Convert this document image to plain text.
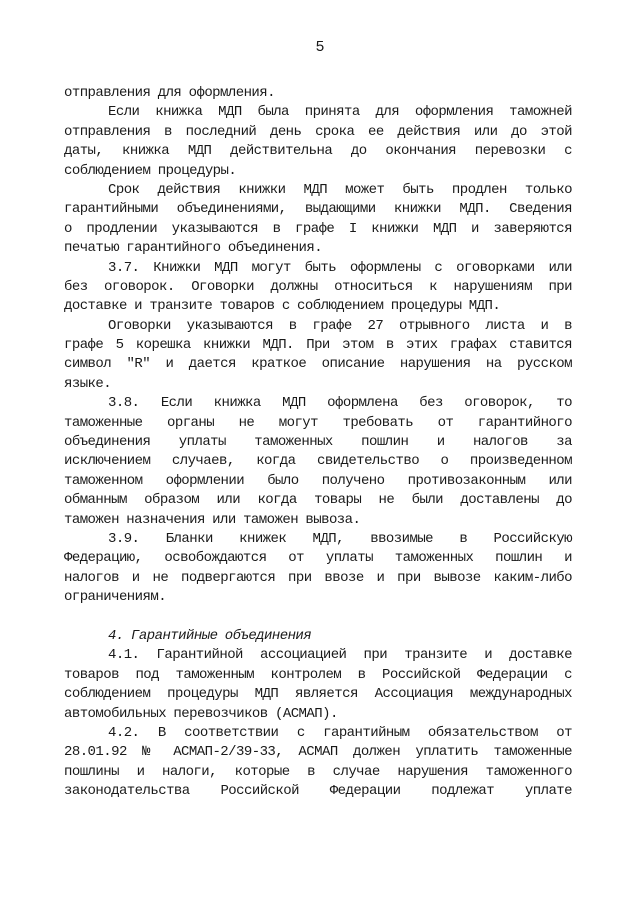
5
отправления для оформления.
Если книжка МДП была принята для оформления таможней
отправления в последний день срока ее действия или до этой
даты, книжка МДП действительна до окончания перевозки с
соблюдением процедуры.
Срок действия книжки МДП может быть продлен только
гарантийными объединениями, выдающими книжки МДП. Сведения
о продлении указываются в графе I книжки МДП и заверяются
печатью гарантийного объединения.
3.7. Книжки МДП могут быть оформлены с оговорками или
без оговорок. Оговорки должны относиться к нарушениям при
доставке и транзите товаров с соблюдением процедуры МДП.
Оговорки указываются в графе 27 отрывного листа и в
графе 5 корешка книжки МДП. При этом в этих графах ставится
символ "R" и дается краткое описание нарушения на русском
языке.
3.8. Если книжка МДП оформлена без оговорок, то
таможенные органы не могут требовать от гарантийного
объединения уплаты таможенных пошлин и налогов за
исключением случаев, когда свидетельство о произведенном
таможенном оформлении было получено противозаконным или
обманным образом или когда товары не были доставлены до
таможен назначения или таможен вывоза.
3.9. Бланки книжек МДП, ввозимые в Российскую
Федерацию, освобождаются от уплаты таможенных пошлин и
налогов и не подвергаются при ввозе и при вывозе каким-либо
ограничениям.
4. Гарантийные объединения
4.1. Гарантийной ассоциацией при транзите и доставке
товаров под таможенным контролем в Российской Федерации с
соблюдением процедуры МДП является Ассоциация международных
автомобильных перевозчиков (АСМАП).
4.2. В соответствии с гарантийным обязательством от
28.01.92 № АСМАП-2/39-33, АСМАП должен уплатить таможенные
пошлины и налоги, которые в случае нарушения таможенного
законодательства Российской Федерации подлежат уплате
